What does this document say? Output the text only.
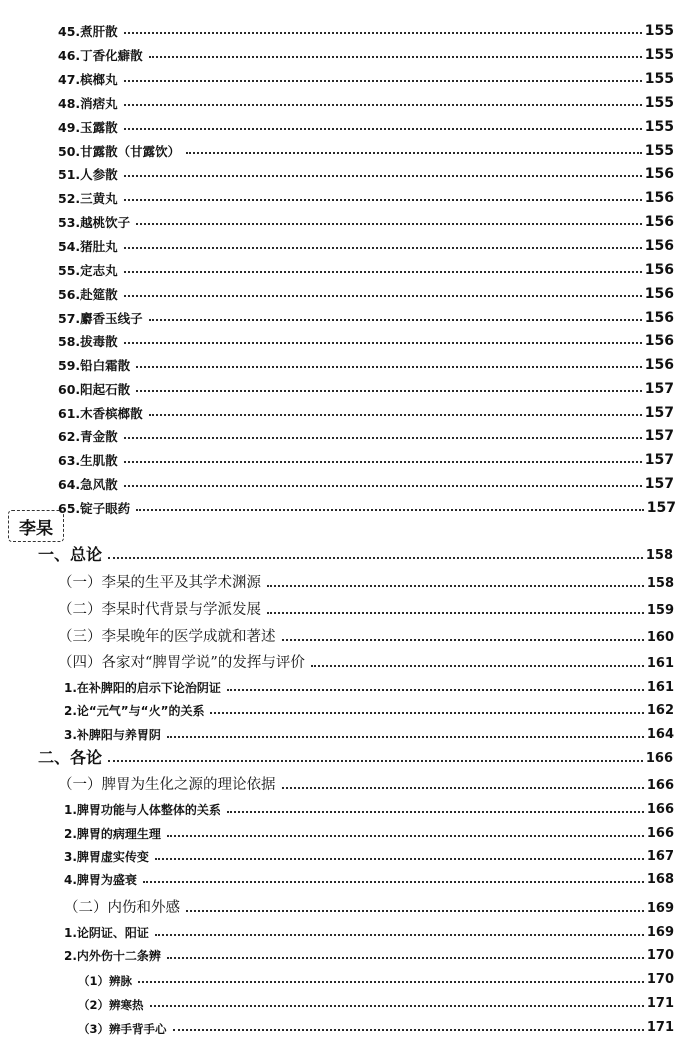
45.煮肝散	155
46.丁香化癖散	155
47.槟榔丸	155
48.消痞丸	155
49.玉露散	155
50.甘露散（甘露饮）	155
51.人参散	156
52.三黄丸	156
53.越桃饮子	156
54.猪肚丸	156
55.定志丸	156
56.赴筵散	156
57.麝香玉线子	156
58.拔毒散	156
59.铅白霜散	156
60.阳起石散	157
61.木香槟榔散	157
62.青金散	157
63.生肌散	157
64.急风散	157
65.锭子眼药	157
李杲
一、总论	158
（一）李杲的生平及其学术渊源	158
（二）李杲时代背景与学派发展	159
（三）李杲晚年的医学成就和著述	160
（四）各家对“脾胃学说”的发挥与评价	161
1.在补脾阳的启示下论治阴证	161
2.论“元气”与“火”的关系	162
3.补脾阳与养胃阴	164
二、各论	166
（一）脾胃为生化之源的理论依据	166
1.脾胃功能与人体整体的关系	166
2.脾胃的病理生理	166
3.脾胃虚实传变	167
4.脾胃为盛衰	168
（二）内伤和外感	169
1.论阴证、阳证	169
2.内外伤十二条辨	170
（1）辨脉	170
（2）辨寒热	171
（3）辨手背手心	171
